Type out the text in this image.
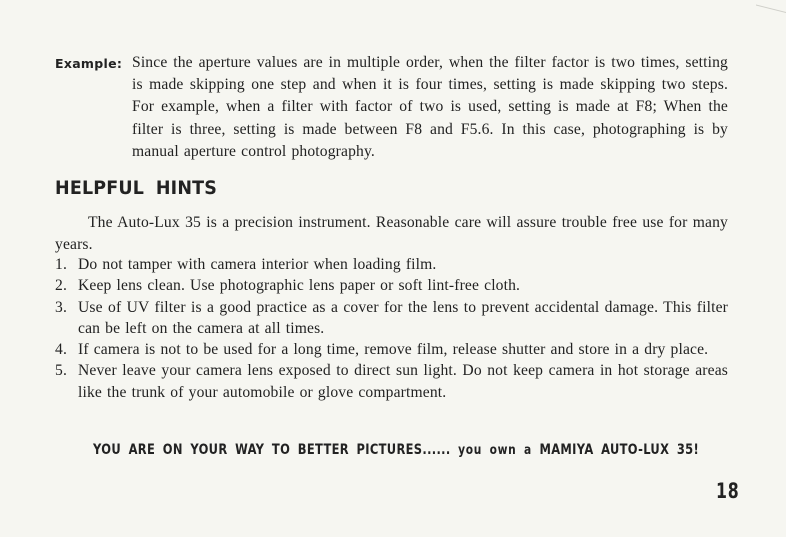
Example: Since the aperture values are in multiple order, when the filter factor is two times, setting is made skipping one step and when it is four times, setting is made skipping two steps. For example, when a filter with factor of two is used, setting is made at F8; When the filter is three, setting is made between F8 and F5.6. In this case, photographing is by manual aperture control photography.
HELPFUL HINTS
The Auto-Lux 35 is a precision instrument. Reasonable care will assure trouble free use for many years.
1. Do not tamper with camera interior when loading film.
2. Keep lens clean. Use photographic lens paper or soft lint-free cloth.
3. Use of UV filter is a good practice as a cover for the lens to prevent accidental damage. This filter can be left on the camera at all times.
4. If camera is not to be used for a long time, remove film, release shutter and store in a dry place.
5. Never leave your camera lens exposed to direct sun light. Do not keep camera in hot storage areas like the trunk of your automobile or glove compartment.
YOU ARE ON YOUR WAY TO BETTER PICTURES...... you own a MAMIYA AUTO-LUX 35!
18
